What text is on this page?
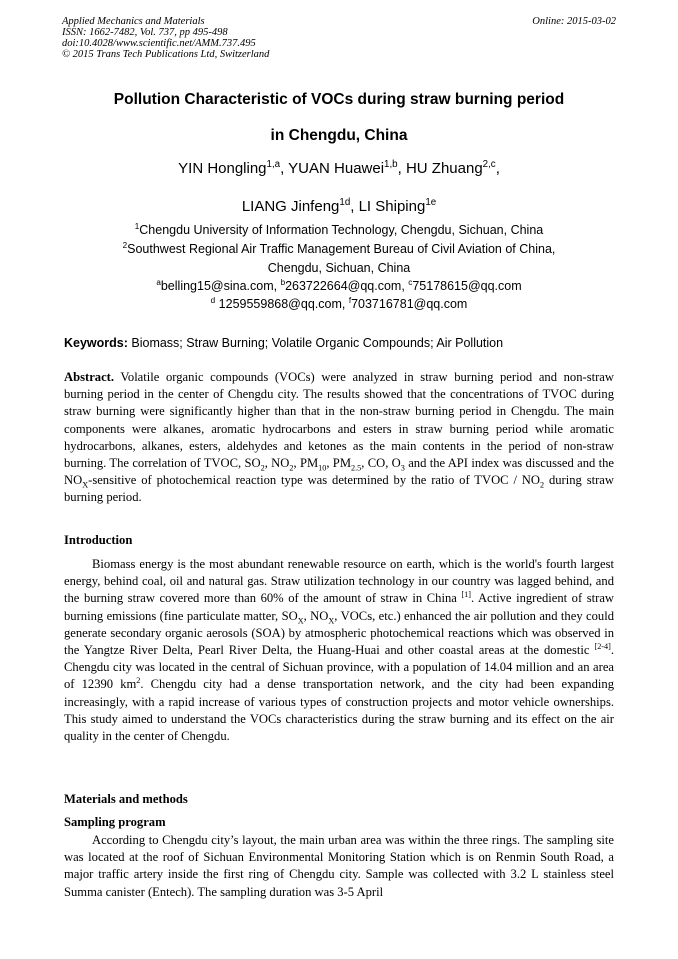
Applied Mechanics and Materials
ISSN: 1662-7482, Vol. 737, pp 495-498
doi:10.4028/www.scientific.net/AMM.737.495
© 2015 Trans Tech Publications Ltd, Switzerland
Online: 2015-03-02
Pollution Characteristic of VOCs during straw burning period
in Chengdu, China
YIN Hongling$^{1,a}$, YUAN Huawei$^{1,b}$, HU Zhuang$^{2,c}$,
LIANG Jinfeng$^{1d}$, LI Shiping$^{1e}$
$^1$Chengdu University of Information Technology, Chengdu, Sichuan, China
$^2$Southwest Regional Air Traffic Management Bureau of Civil Aviation of China,
Chengdu, Sichuan, China
$^a$belling15@sina.com, $^b$263722664@qq.com, $^c$75178615@qq.com
$^d$ 1259559868@qq.com, $^f$703716781@qq.com
Keywords: Biomass; Straw Burning; Volatile Organic Compounds; Air Pollution
Abstract. Volatile organic compounds (VOCs) were analyzed in straw burning period and non-straw burning period in the center of Chengdu city. The results showed that the concentrations of TVOC during straw burning were significantly higher than that in the non-straw burning period in Chengdu. The main components were alkanes, aromatic hydrocarbons and esters in straw burning period while aromatic hydrocarbons, alkanes, esters, aldehydes and ketones as the main contents in the period of non-straw burning. The correlation of TVOC, $SO_2$, $NO_2$, $PM_{10}$, $PM_{2.5}$, CO, $O_3$ and the API index was discussed and the $NO_X$-sensitive of photochemical reaction type was determined by the ratio of TVOC / $NO_2$ during straw burning period.
Introduction
Biomass energy is the most abundant renewable resource on earth, which is the world's fourth largest energy, behind coal, oil and natural gas. Straw utilization technology in our country was lagged behind, and the burning straw covered more than 60% of the amount of straw in China [1]. Active ingredient of straw burning emissions (fine particulate matter, $SO_X$, $NO_X$, VOCs, etc.) enhanced the air pollution and they could generate secondary organic aerosols (SOA) by atmospheric photochemical reactions which was observed in the Yangtze River Delta, Pearl River Delta, the Huang-Huai and other coastal areas at the domestic [2-4]. Chengdu city was located in the central of Sichuan province, with a population of 14.04 million and an area of 12390 $km^2$. Chengdu city had a dense transportation network, and the city had been expanding increasingly, with a rapid increase of various types of construction projects and motor vehicle ownerships. This study aimed to understand the VOCs characteristics during the straw burning and its effect on the air quality in the center of Chengdu.
Materials and methods
Sampling program
According to Chengdu city’s layout, the main urban area was within the three rings. The sampling site was located at the roof of Sichuan Environmental Monitoring Station which is on Renmin South Road, a major traffic artery inside the first ring of Chengdu city. Sample was collected with 3.2 L stainless steel Summa canister (Entech). The sampling duration was 3-5 April
